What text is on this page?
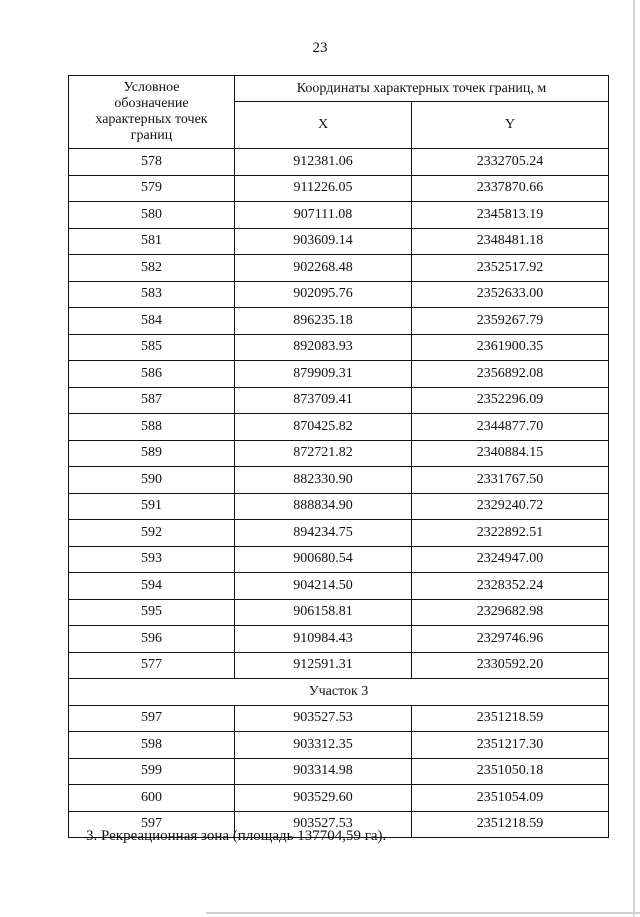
23
Условное
обозначение
характерных точек
границ	Координаты характерных точек границ, м	
	X	Y
578	912381.06	2332705.24
579	911226.05	2337870.66
580	907111.08	2345813.19
581	903609.14	2348481.18
582	902268.48	2352517.92
583	902095.76	2352633.00
584	896235.18	2359267.79
585	892083.93	2361900.35
586	879909.31	2356892.08
587	873709.41	2352296.09
588	870425.82	2344877.70
589	872721.82	2340884.15
590	882330.90	2331767.50
591	888834.90	2329240.72
592	894234.75	2322892.51
593	900680.54	2324947.00
594	904214.50	2328352.24
595	906158.81	2329682.98
596	910984.43	2329746.96
577	912591.31	2330592.20
Участок 3		
597	903527.53	2351218.59
598	903312.35	2351217.30
599	903314.98	2351050.18
600	903529.60	2351054.09
597	903527.53	2351218.59
3. Рекреационная зона (площадь 137704,59 га).
